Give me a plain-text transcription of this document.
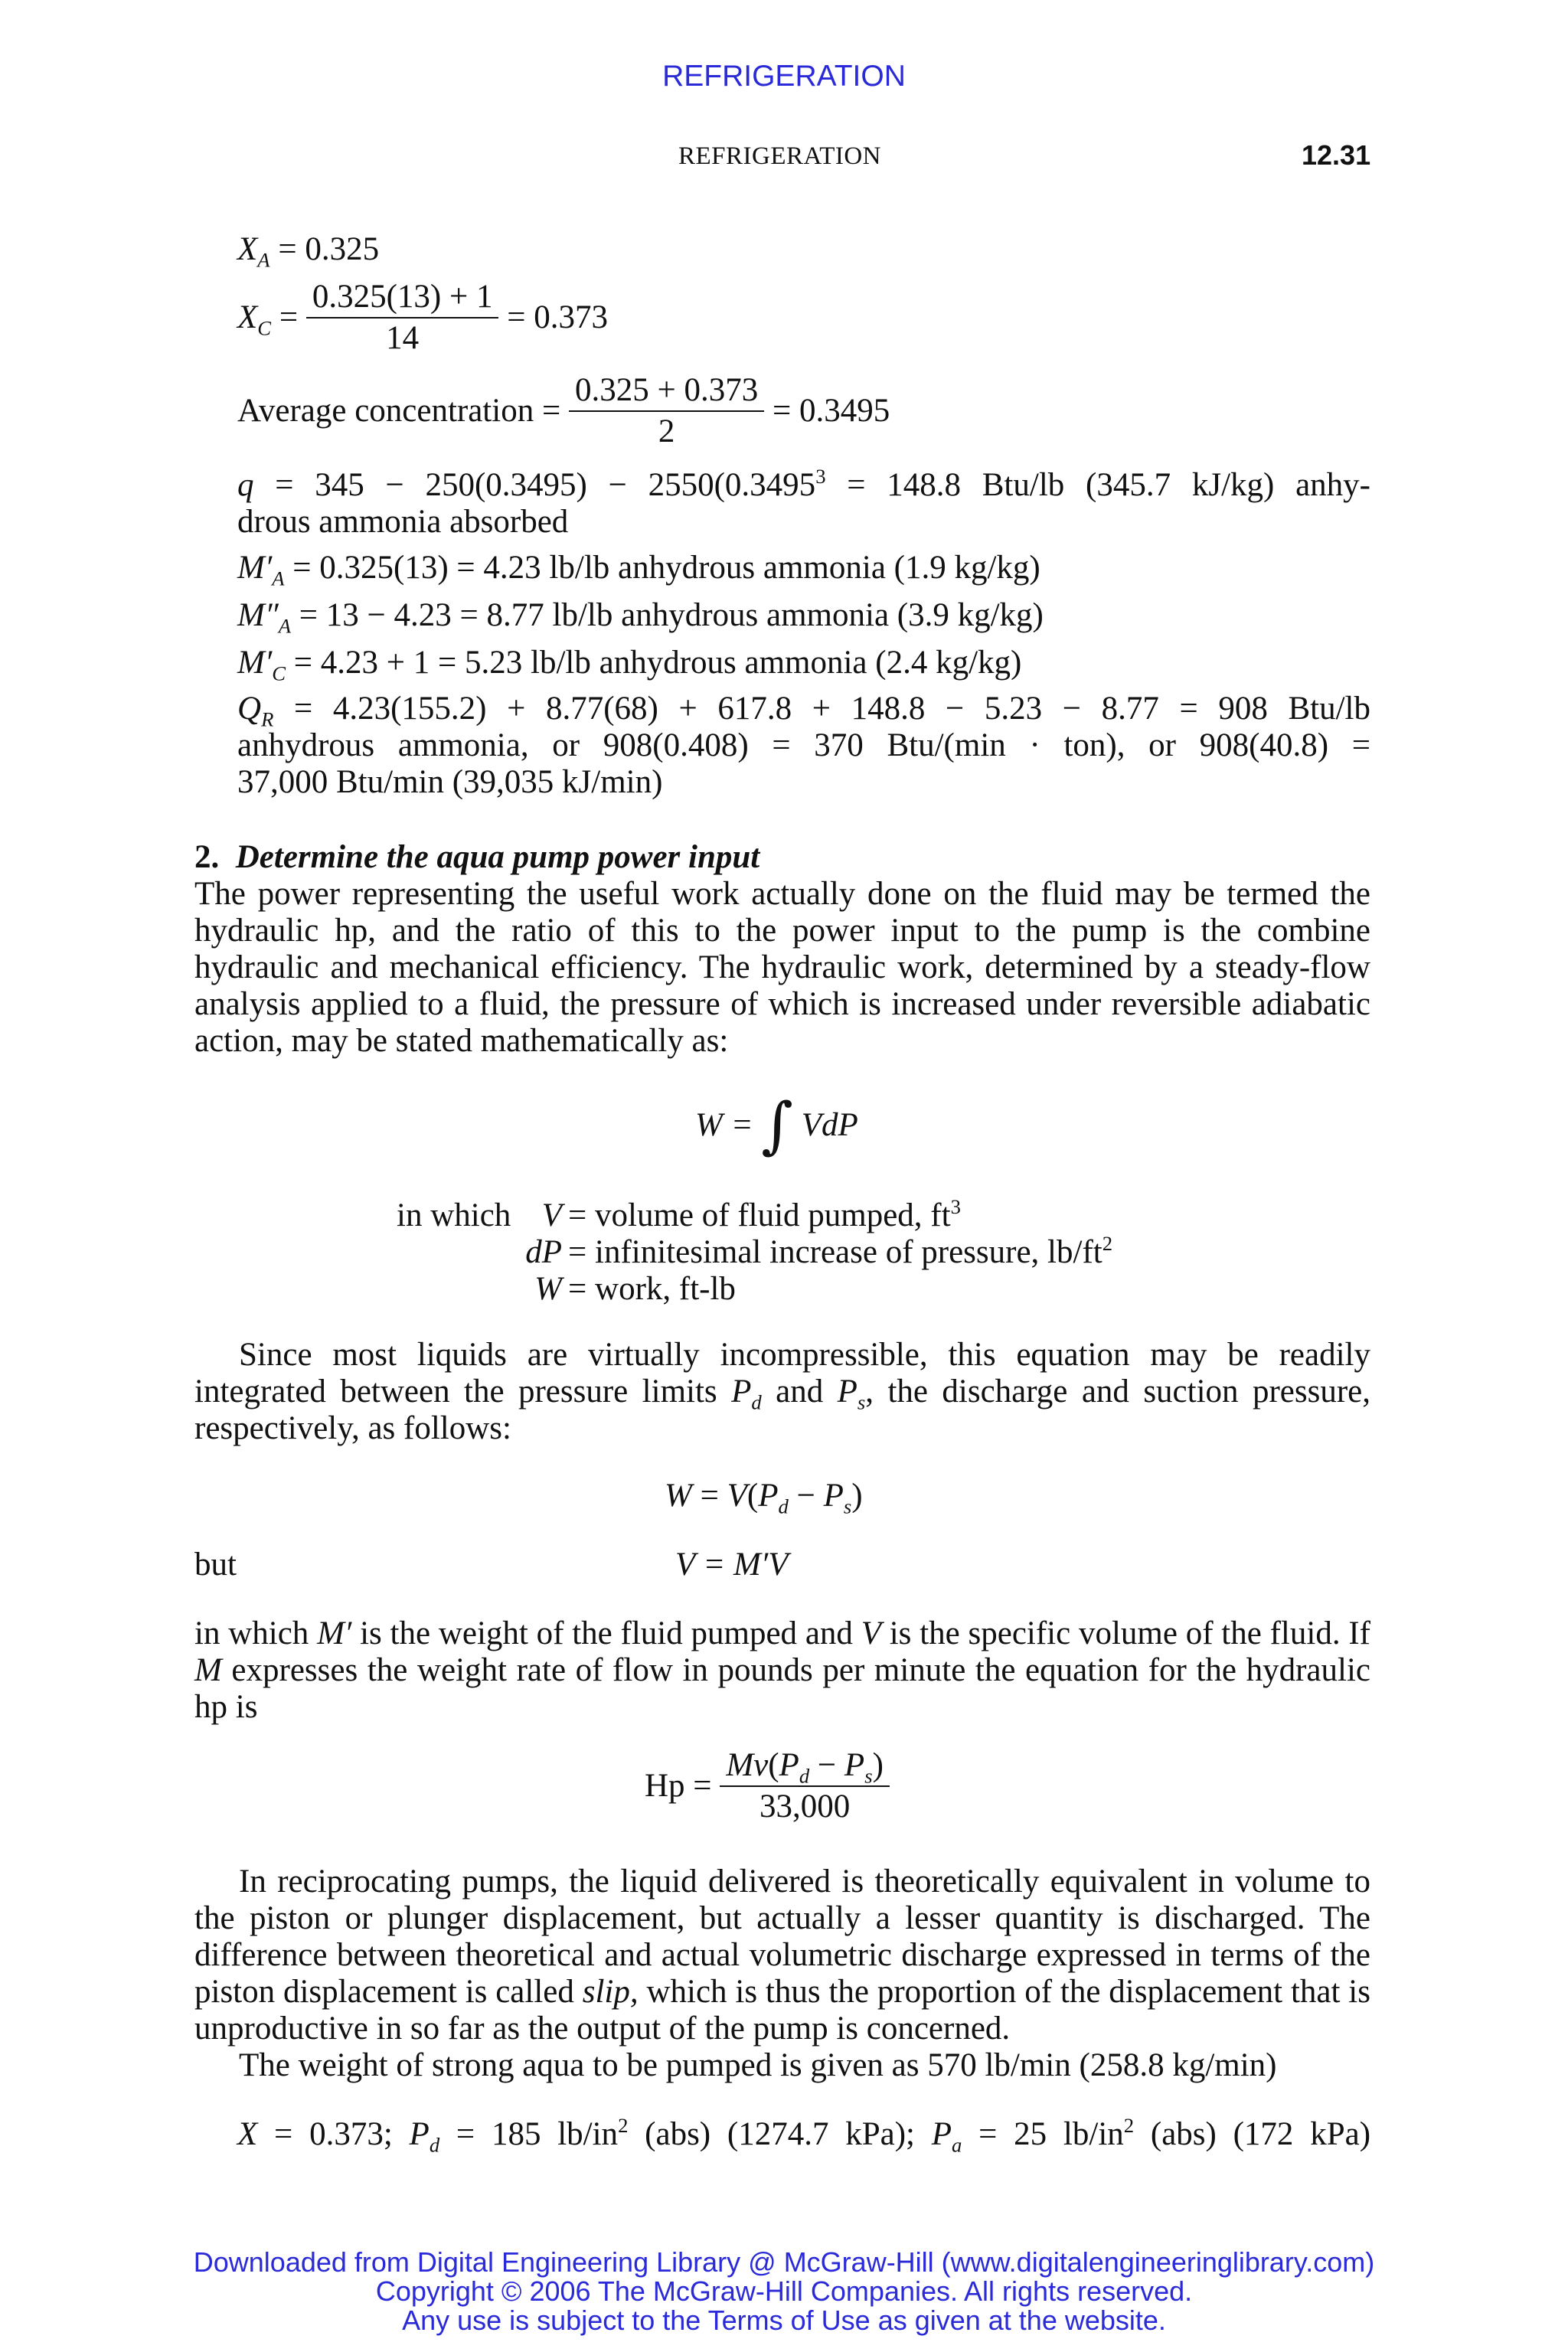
REFRIGERATION
REFRIGERATION	12.31
$X_A = 0.325$
$X_C = \frac{0.325(13) + 1}{14} = 0.373$
Average concentration = $\frac{0.325 + 0.373}{2} = 0.3495$
$q = 345 - 250(0.3495) - 2550(0.3495^3 = 148.8$ Btu/lb (345.7 kJ/kg) anhy-
drous ammonia absorbed
$M'_A = 0.325(13) = 4.23$ lb/lb anhydrous ammonia (1.9 kg/kg)
$M''_A = 13 - 4.23 = 8.77$ lb/lb anhydrous ammonia (3.9 kg/kg)
$M'_C = 4.23 + 1 = 5.23$ lb/lb anhydrous ammonia (2.4 kg/kg)
$Q_R = 4.23(155.2) + 8.77(68) + 617.8 + 148.8 - 5.23 - 8.77 = 908$ Btu/lb
anhydrous ammonia, or 908(0.408) = 370 Btu/(min · ton), or 908(40.8) =
37,000 Btu/min (39,035 kJ/min)
2. Determine the aqua pump power input
The power representing the useful work actually done on the fluid may be termed the hydraulic hp, and the ratio of this to the power input to the pump is the combine hydraulic and mechanical efficiency. The hydraulic work, determined by a steady-flow analysis applied to a fluid, the pressure of which is increased under reversible adiabatic action, may be stated mathematically as:
W = ∫ VdP
in which V = volume of fluid pumped, $ft^3$
dP = infinitesimal increase of pressure, $lb/ft^2$
W = work, ft-lb
Since most liquids are virtually incompressible, this equation may be readily integrated between the pressure limits $P_d$ and $P_s$, the discharge and suction pressure, respectively, as follows:
$W = V(P_d - P_s)$
but	V = M′V
in which M′ is the weight of the fluid pumped and V is the specific volume of the fluid. If M expresses the weight rate of flow in pounds per minute the equation for the hydraulic hp is
$Hp = \frac{Mv(P_d - P_s)}{33,000}$
In reciprocating pumps, the liquid delivered is theoretically equivalent in volume to the piston or plunger displacement, but actually a lesser quantity is discharged. The difference between theoretical and actual volumetric discharge expressed in terms of the piston displacement is called slip, which is thus the proportion of the displacement that is unproductive in so far as the output of the pump is concerned.
The weight of strong aqua to be pumped is given as 570 lb/min (258.8 kg/min)
X = 0.373; $P_d = 185$ $lb/in^2$ (abs) (1274.7 kPa); $P_a = 25$ $lb/in^2$ (abs) (172 kPa)
Downloaded from Digital Engineering Library @ McGraw-Hill (www.digitalengineeringlibrary.com)
Copyright © 2006 The McGraw-Hill Companies. All rights reserved.
Any use is subject to the Terms of Use as given at the website.
